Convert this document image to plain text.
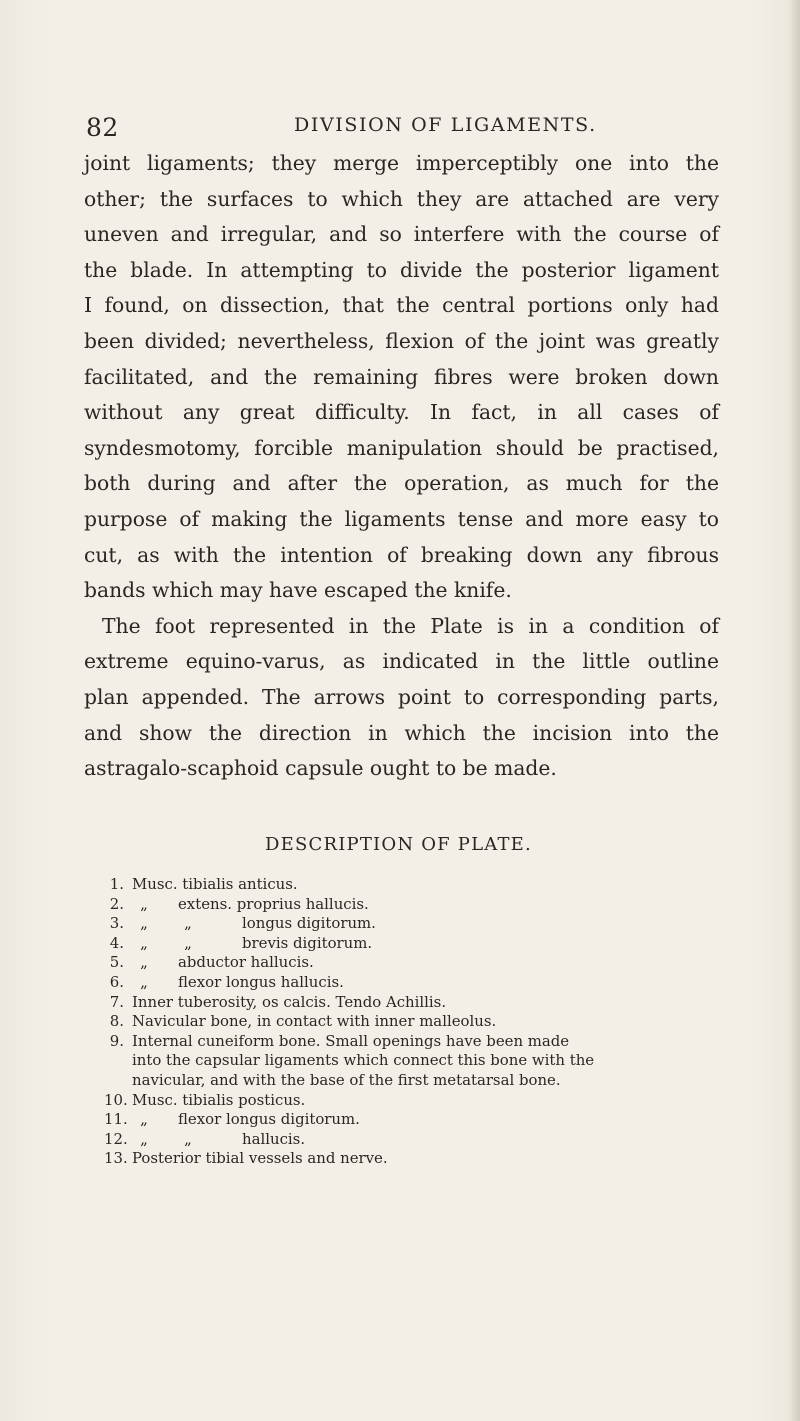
82	DIVISION OF LIGAMENTS.
joint ligaments; they merge imperceptibly one into the
other; the surfaces to which they are attached are very
uneven and irregular, and so interfere with the course of
the blade. In attempting to divide the posterior ligament
I found, on dissection, that the central portions only had
been divided; nevertheless, flexion of the joint was greatly
facilitated, and the remaining fibres were broken down
without any great difficulty. In fact, in all cases of
syndesmotomy, forcible manipulation should be practised,
both during and after the operation, as much for the
purpose of making the ligaments tense and more easy to
cut, as with the intention of breaking down any fibrous
bands which may have escaped the knife.
The foot represented in the Plate is in a condition of
extreme equino-varus, as indicated in the little outline
plan appended. The arrows point to corresponding parts,
and show the direction in which the incision into the
astragalo-scaphoid capsule ought to be made.
DESCRIPTION OF PLATE.
1. Musc. tibialis anticus.
2.	„ extens. proprius hallucis.
3.	„ „	longus digitorum.
4.	„ „	brevis digitorum.
5.	„ abductor hallucis.
6.	„ flexor longus hallucis.
7. Inner tuberosity, os calcis. Tendo Achillis.
8. Navicular bone, in contact with inner malleolus.
9. Internal cuneiform bone. Small openings have been made
into the capsular ligaments which connect this bone with the
navicular, and with the base of the first metatarsal bone.
10. Musc. tibialis posticus.
11. „ flexor longus digitorum.
12. „ „	hallucis.
13. Posterior tibial vessels and nerve.
